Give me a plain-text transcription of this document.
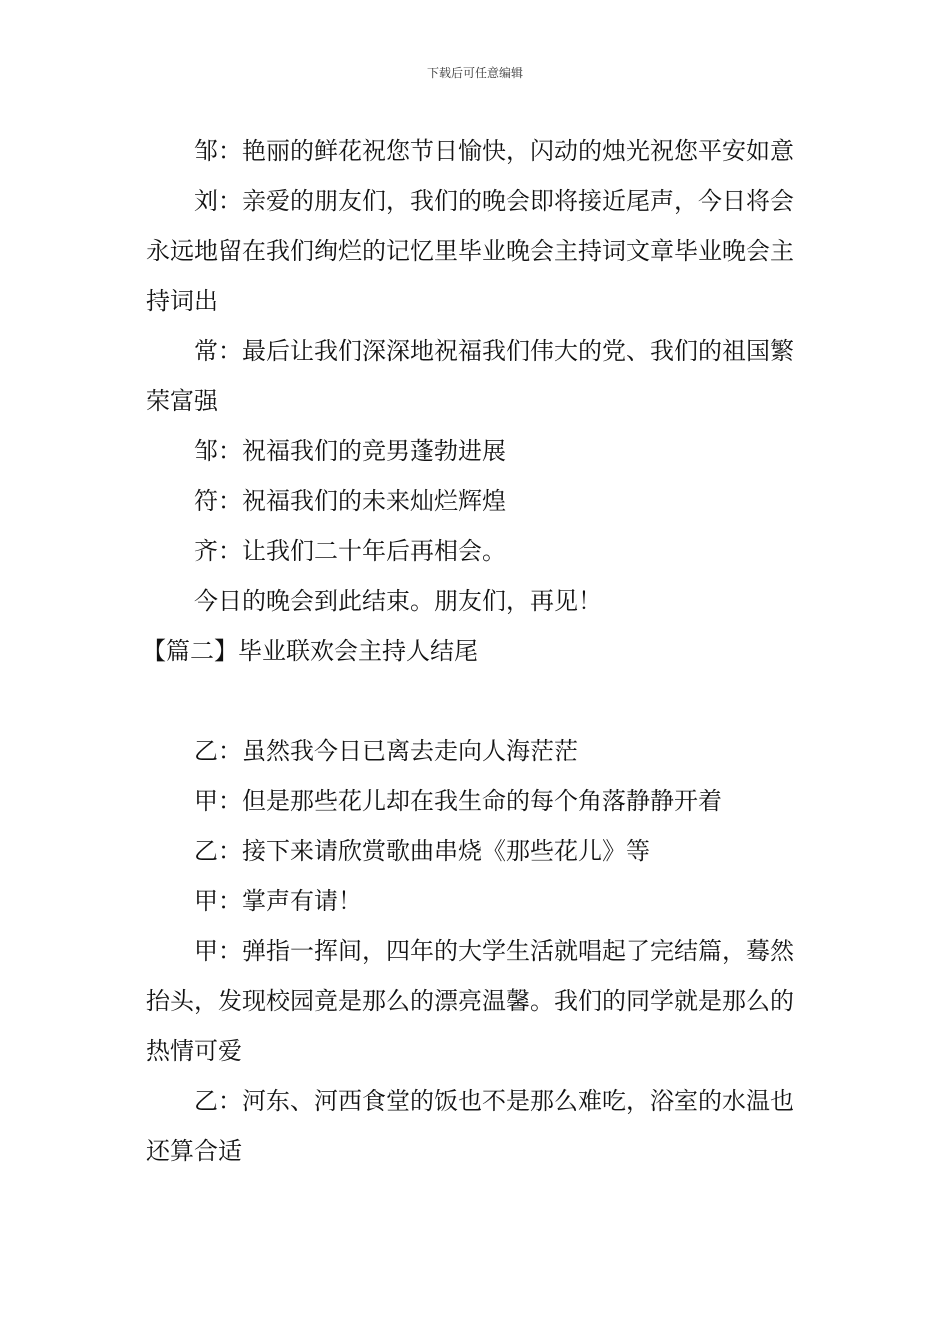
下载后可任意编辑

邹：艳丽的鲜花祝您节日愉快，闪动的烛光祝您平安如意

刘：亲爱的朋友们，我们的晚会即将接近尾声，今日将会永远地留在我们绚烂的记忆里毕业晚会主持词文章毕业晚会主持词出

常：最后让我们深深地祝福我们伟大的党、我们的祖国繁荣富强

邹：祝福我们的竞男蓬勃进展

符：祝福我们的未来灿烂辉煌

齐：让我们二十年后再相会。

今日的晚会到此结束。朋友们，再见！

【篇二】毕业联欢会主持人结尾

乙：虽然我今日已离去走向人海茫茫

甲：但是那些花儿却在我生命的每个角落静静开着

乙：接下来请欣赏歌曲串烧《那些花儿》等

甲：掌声有请！

甲：弹指一挥间，四年的大学生活就唱起了完结篇，蓦然抬头，发现校园竟是那么的漂亮温馨。我们的同学就是那么的热情可爱

乙：河东、河西食堂的饭也不是那么难吃，浴室的水温也还算合适
